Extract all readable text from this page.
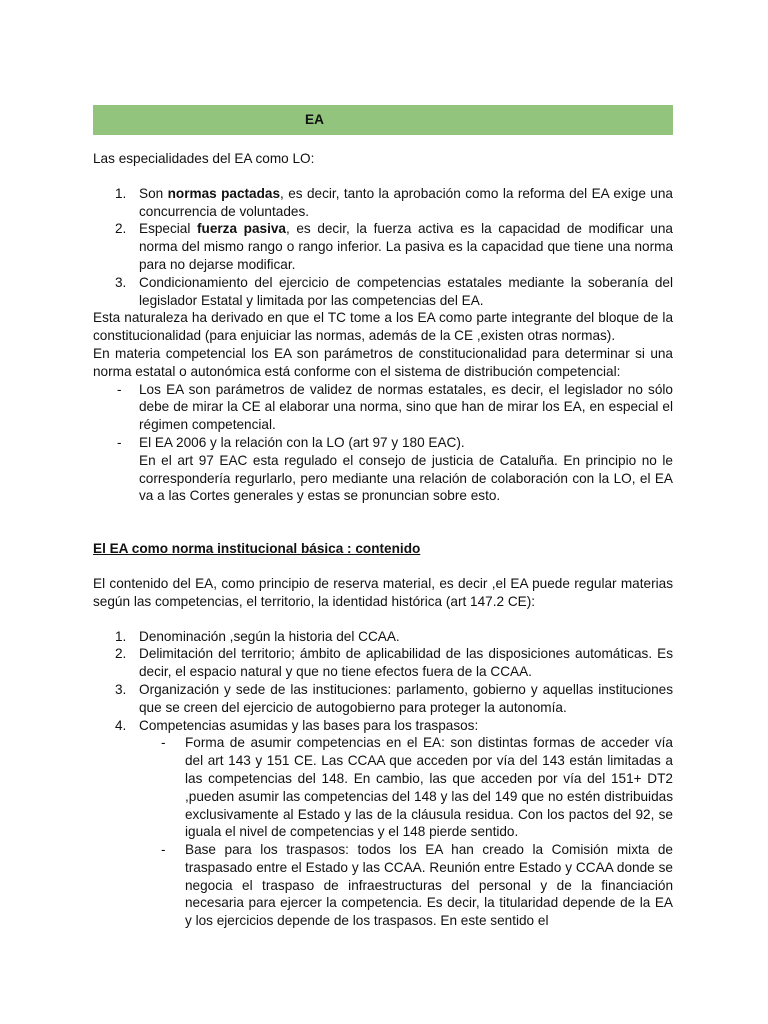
EA

Las especialidades del EA como LO:

1. Son normas pactadas, es decir, tanto la aprobación como la reforma del EA exige una concurrencia de voluntades.
2. Especial fuerza pasiva, es decir, la fuerza activa es la capacidad de modificar una norma del mismo rango o rango inferior. La pasiva es la capacidad que tiene una norma para no dejarse modificar.
3. Condicionamiento del ejercicio de competencias estatales mediante la soberanía del legislador Estatal y limitada por las competencias del EA.

Esta naturaleza ha derivado en que el TC tome a los EA como parte integrante del bloque de la constitucionalidad (para enjuiciar las normas, además de la CE ,existen otras normas).

En materia competencial los EA son parámetros de constitucionalidad para determinar si una norma estatal o autonómica está conforme con el sistema de distribución competencial:

- Los EA son parámetros de validez de normas estatales, es decir, el legislador no sólo debe de mirar la CE al elaborar una norma, sino que han de mirar los EA, en especial el régimen competencial.
- El EA 2006 y la relación con la LO (art 97 y 180 EAC).
En el art 97 EAC esta regulado el consejo de justicia de Cataluña. En principio no le correspondería regurlarlo, pero mediante una relación de colaboración con la LO, el EA va a las Cortes generales y estas se pronuncian sobre esto.

El EA como norma institucional básica : contenido

El contenido del EA, como principio de reserva material, es decir ,el EA puede regular materias según las competencias, el territorio, la identidad histórica (art 147.2 CE):

1. Denominación ,según la historia del CCAA.
2. Delimitación del territorio; ámbito de aplicabilidad de las disposiciones automáticas. Es decir, el espacio natural y que no tiene efectos fuera de la CCAA.
3. Organización y sede de las instituciones: parlamento, gobierno y aquellas instituciones que se creen del ejercicio de autogobierno para proteger la autonomía.
4. Competencias asumidas y las bases para los traspasos:
- Forma de asumir competencias en el EA: son distintas formas de acceder vía del art 143 y 151 CE. Las CCAA que acceden por vía del 143 están limitadas a las competencias del 148. En cambio, las que acceden por vía del 151+ DT2 ,pueden asumir las competencias del 148 y las del 149 que no estén distribuidas exclusivamente al Estado y las de la cláusula residua. Con los pactos del 92, se iguala el nivel de competencias y el 148 pierde sentido.
- Base para los traspasos: todos los EA han creado la Comisión mixta de traspasado entre el Estado y las CCAA. Reunión entre Estado y CCAA donde se negocia el traspaso de infraestructuras del personal y de la financiación necesaria para ejercer la competencia. Es decir, la titularidad depende de la EA y los ejercicios depende de los traspasos. En este sentido el
